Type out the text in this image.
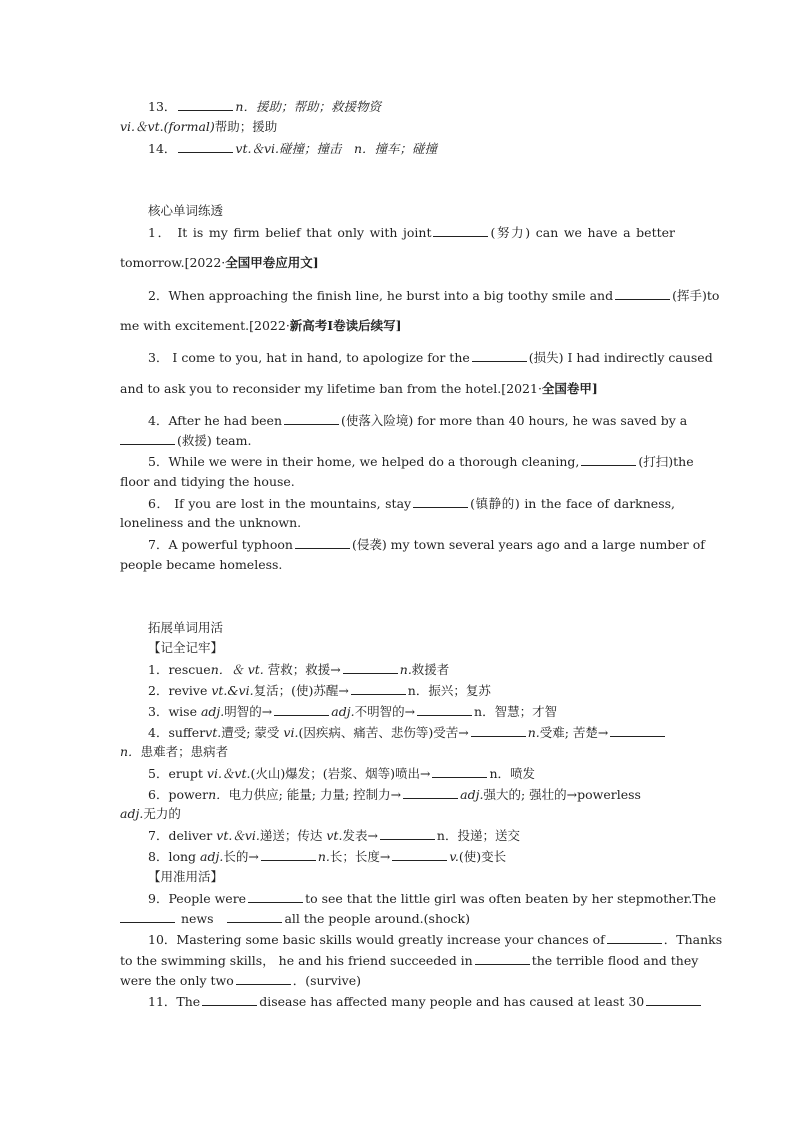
13．	n．援助；帮助；救援物资
vi.＆vt.(formal)帮助；援助
14．	vt.＆vi.碰撞；撞击　n．撞车；碰撞
核心单词练透
1． It is my firm belief that only with joint	(努力) can we have a better
tomorrow.[2022·全国甲卷应用文]
2．When approaching the finish line, he burst into a big toothy smile and	(挥手)to
me with excitement.[2022·新高考Ⅰ卷读后续写]
3． I come to you, hat in hand, to apologize for the	(损失) I had indirectly caused
and to ask you to reconsider my lifetime ban from the hotel.[2021·全国卷甲]
4．After he had been	(使落入险境) for more than 40 hours, he was saved by a
(救援) team.
5．While we were in their home, we helped do a thorough cleaning,	(打扫)the
floor and tidying the house.
6． If you are lost in the mountains, stay	(镇静的) in the face of darkness,
loneliness and the unknown.
7．A powerful typhoon	(侵袭) my town several years ago and a large number of
people became homeless.
拓展单词用活
【记全记牢】
1．rescuen．＆ vt. 营救；救援→	n.救援者
2．revive vt.&vi.复活；(使)苏醒→	n．振兴；复苏
3．wise adj.明智的→	adj.不明智的→	n．智慧；才智
4．suffervt.遭受; 蒙受 vi.(因疾病、痛苦、悲伤等)受苦→	n.受难; 苦楚→
n．患难者；患病者
5．erupt vi.＆vt.(火山)爆发；(岩浆、烟等)喷出→	n．喷发
6．powern．电力供应; 能量; 力量; 控制力→	adj.强大的; 强壮的→powerless
adj.无力的
7．deliver vt.＆vi.递送；传达 vt.发表→	n．投递；送交
8．long adj.长的→	n.长；长度→	v.(使)变长
【用准用活】
9．People were	to see that the little girl was often beaten by her stepmother.The
news	all the people around.(shock)
10．Mastering some basic skills would greatly increase your chances of	．Thanks
to the swimming skills， he and his friend succeeded in	the terrible flood and they
were the only two	．(survive)
11．The	disease has affected many people and has caused at least 30
